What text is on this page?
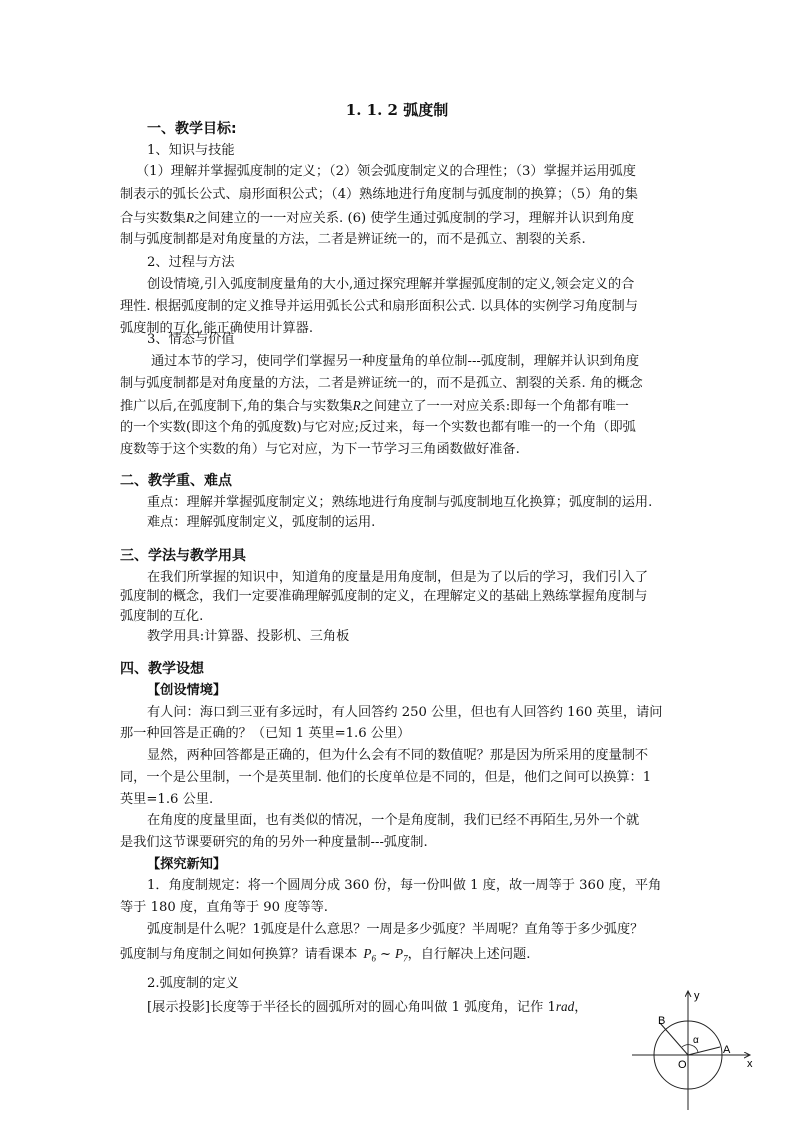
1. 1. 2 弧度制
一、教学目标:
1、知识与技能
（1）理解并掌握弧度制的定义；（2）领会弧度制定义的合理性；（3）掌握并运用弧度
制表示的弧长公式、扇形面积公式；（4）熟练地进行角度制与弧度制的换算；（5）角的集
合与实数集R之间建立的一一对应关系. (6) 使学生通过弧度制的学习，理解并认识到角度
制与弧度制都是对角度量的方法，二者是辨证统一的，而不是孤立、割裂的关系.
2、过程与方法
创设情境,引入弧度制度量角的大小,通过探究理解并掌握弧度制的定义,领会定义的合
理性. 根据弧度制的定义推导并运用弧长公式和扇形面积公式. 以具体的实例学习角度制与
弧度制的互化,能正确使用计算器.
3、情态与价值
通过本节的学习，使同学们掌握另一种度量角的单位制---弧度制，理解并认识到角度
制与弧度制都是对角度量的方法，二者是辨证统一的，而不是孤立、割裂的关系. 角的概念
推广以后,在弧度制下,角的集合与实数集R之间建立了一一对应关系:即每一个角都有唯一
的一个实数(即这个角的弧度数)与它对应;反过来，每一个实数也都有唯一的一个角（即弧
度数等于这个实数的角）与它对应，为下一节学习三角函数做好准备.
二、教学重、难点
重点：理解并掌握弧度制定义；熟练地进行角度制与弧度制地互化换算；弧度制的运用.
难点：理解弧度制定义，弧度制的运用.
三、学法与教学用具
在我们所掌握的知识中，知道角的度量是用角度制，但是为了以后的学习，我们引入了
弧度制的概念，我们一定要准确理解弧度制的定义，在理解定义的基础上熟练掌握角度制与
弧度制的互化.
教学用具:计算器、投影机、三角板
四、教学设想
【创设情境】
有人问：海口到三亚有多远时，有人回答约 250 公里，但也有人回答约 160 英里，请问
那一种回答是正确的？（已知 1 英里=1.6 公里）
显然，两种回答都是正确的，但为什么会有不同的数值呢？那是因为所采用的度量制不
同，一个是公里制，一个是英里制. 他们的长度单位是不同的，但是，他们之间可以换算：1
英里=1.6 公里.
在角度的度量里面，也有类似的情况，一个是角度制，我们已经不再陌生,另外一个就
是我们这节课要研究的角的另外一种度量制---弧度制.
【探究新知】
1．角度制规定：将一个圆周分成 360 份，每一份叫做 1 度，故一周等于 360 度，平角
等于 180 度，直角等于 90 度等等.
弧度制是什么呢？1弧度是什么意思？一周是多少弧度？半周呢？直角等于多少弧度？
弧度制与角度制之间如何换算？请看课本 $P_6$ ~ $P_7$，自行解决上述问题.
2.弧度制的定义
[展示投影]长度等于半径长的圆弧所对的圆心角叫做 1 弧度角，记作 1rad，
y
x
B
A
O
α
